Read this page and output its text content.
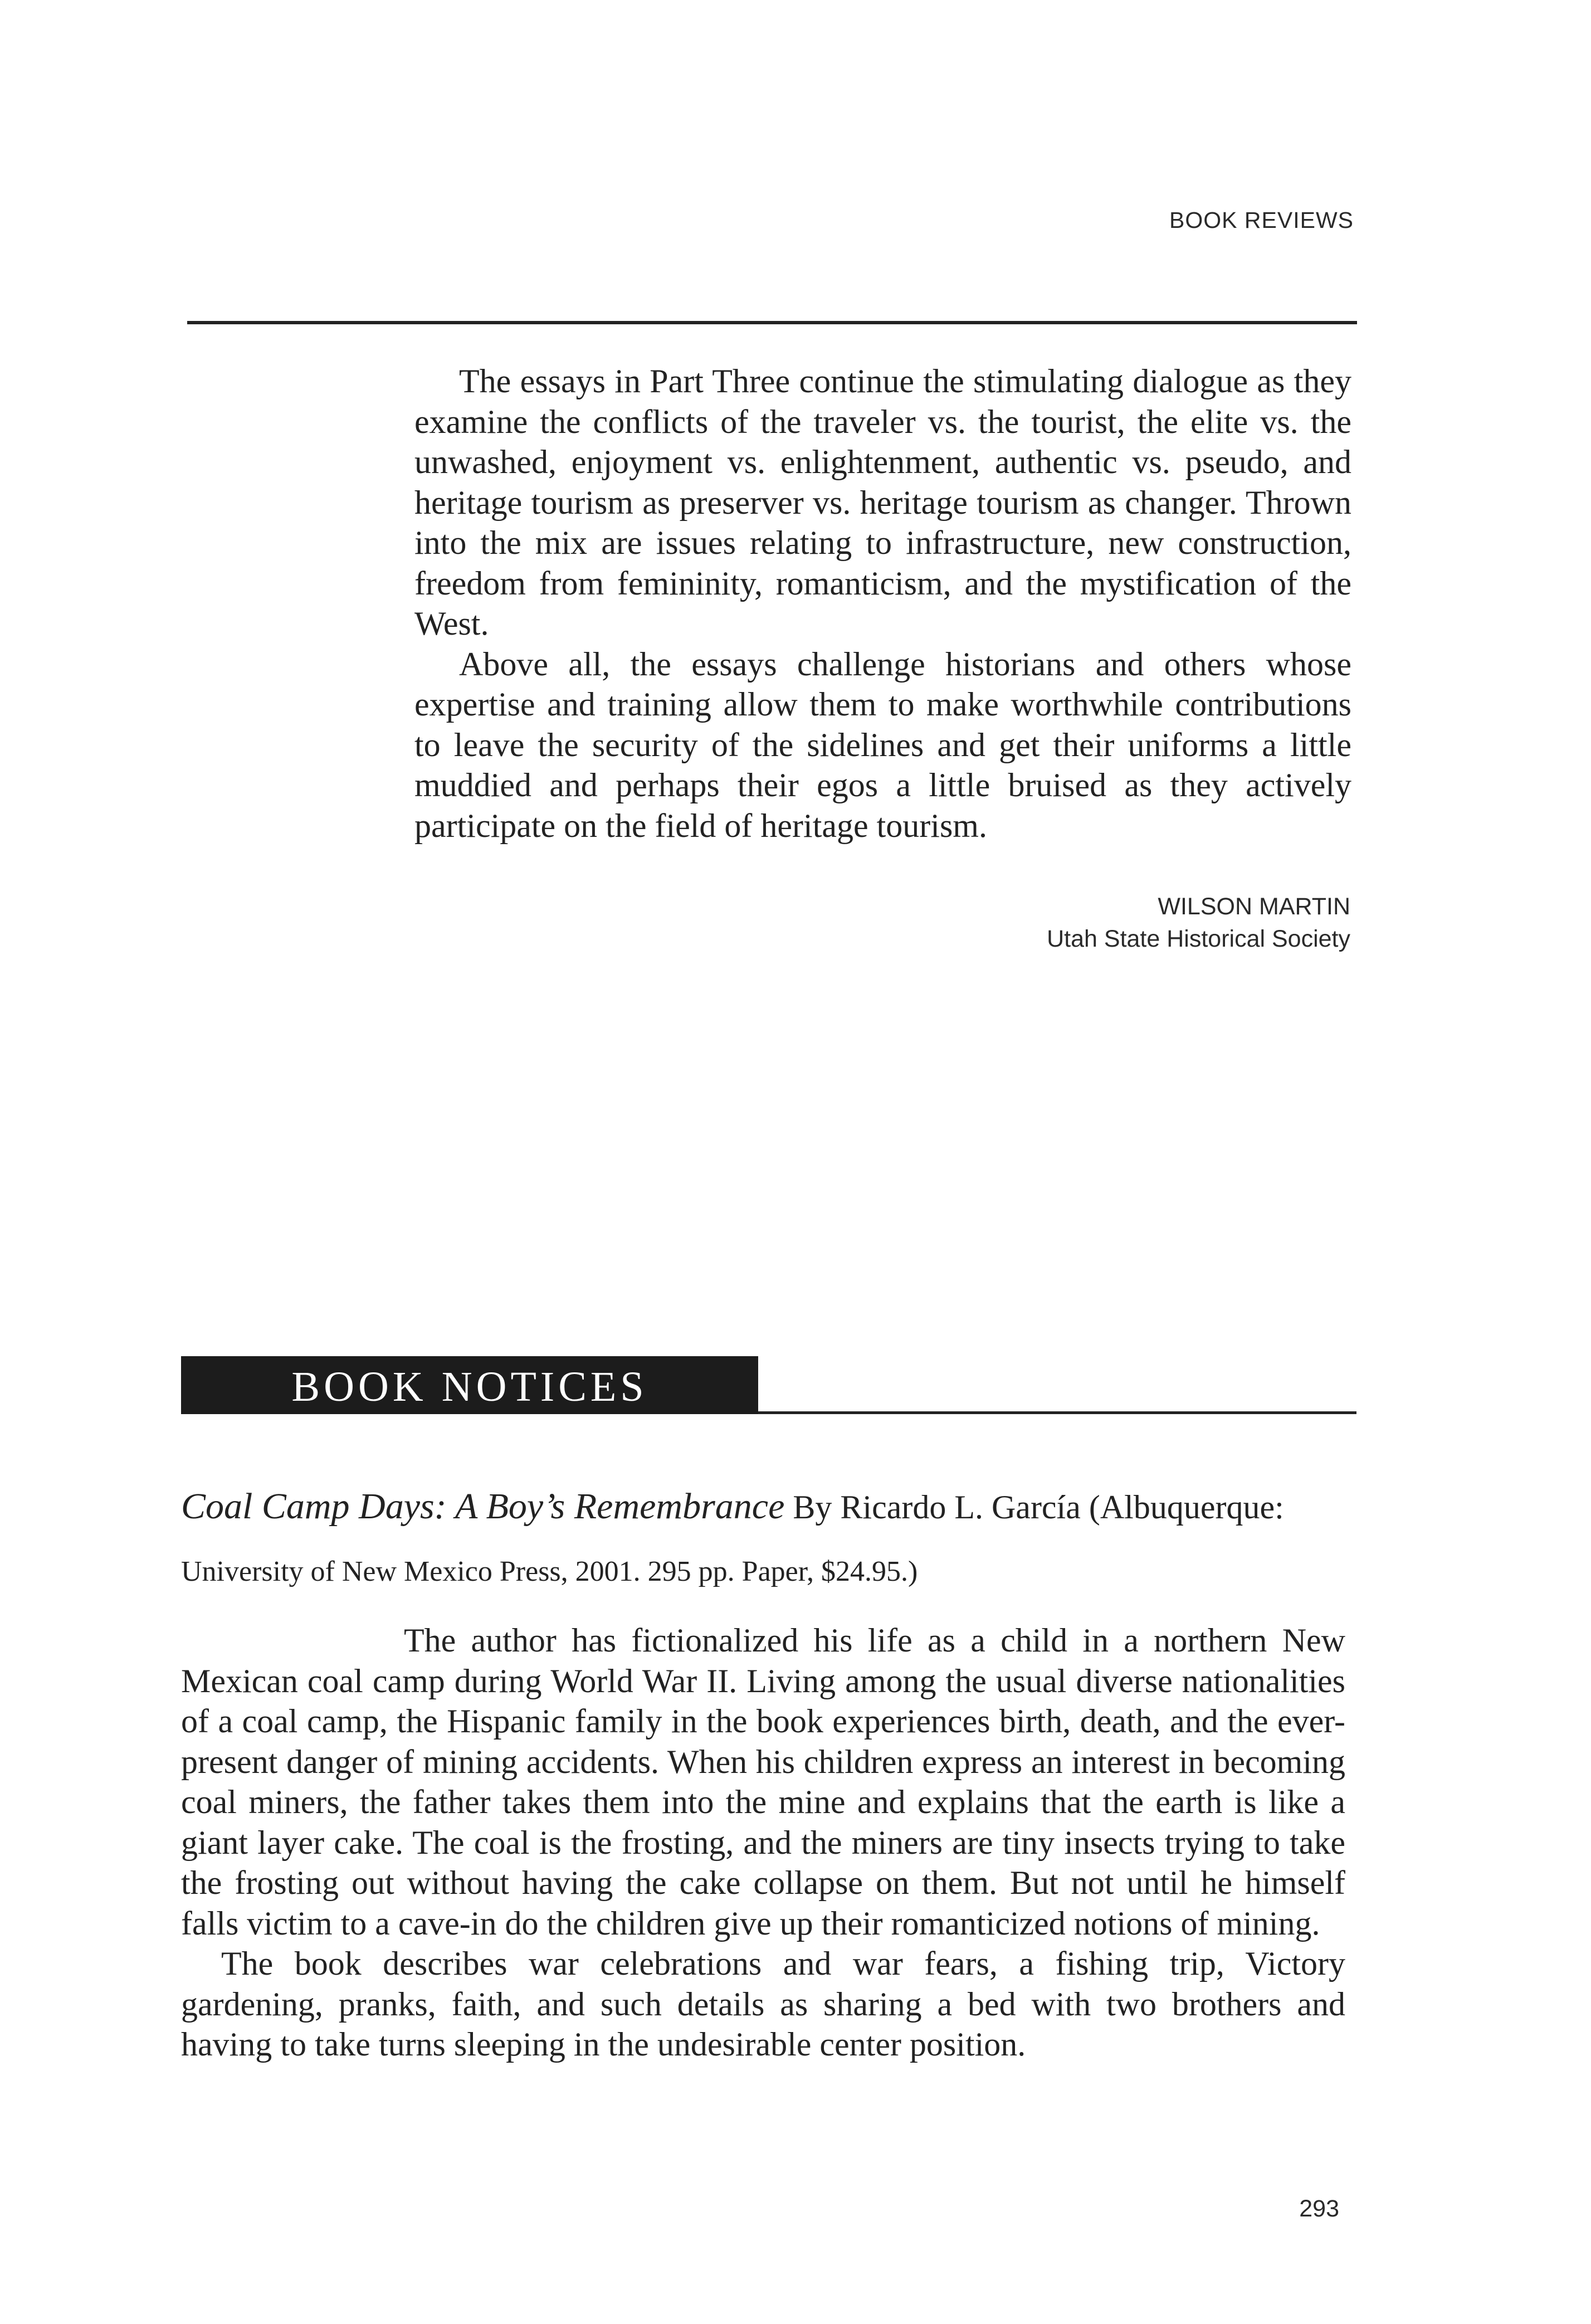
BOOK REVIEWS

The essays in Part Three continue the stimulating dialogue as they examine the conflicts of the traveler vs. the tourist, the elite vs. the unwashed, enjoyment vs. enlightenment, authentic vs. pseudo, and heritage tourism as preserver vs. heritage tourism as changer. Thrown into the mix are issues relating to infrastructure, new construction, freedom from femininity, romanticism, and the mystification of the West.

Above all, the essays challenge historians and others whose expertise and training allow them to make worthwhile contributions to leave the security of the sidelines and get their uniforms a little muddied and perhaps their egos a little bruised as they actively participate on the field of heritage tourism.

WILSON MARTIN
Utah State Historical Society
BOOK NOTICES
Coal Camp Days: A Boy’s Remembrance By Ricardo L. García (Albuquerque:
University of New Mexico Press, 2001. 295 pp. Paper, $24.95.)

The author has fictionalized his life as a child in a northern New Mexican coal camp during World War II. Living among the usual diverse nationalities of a coal camp, the Hispanic family in the book experiences birth, death, and the ever-present danger of mining accidents. When his children express an interest in becoming coal miners, the father takes them into the mine and explains that the earth is like a giant layer cake. The coal is the frosting, and the miners are tiny insects trying to take the frosting out without having the cake collapse on them. But not until he himself falls victim to a cave-in do the children give up their romanticized notions of mining.

The book describes war celebrations and war fears, a fishing trip, Victory gardening, pranks, faith, and such details as sharing a bed with two brothers and having to take turns sleeping in the undesirable center position.

293
